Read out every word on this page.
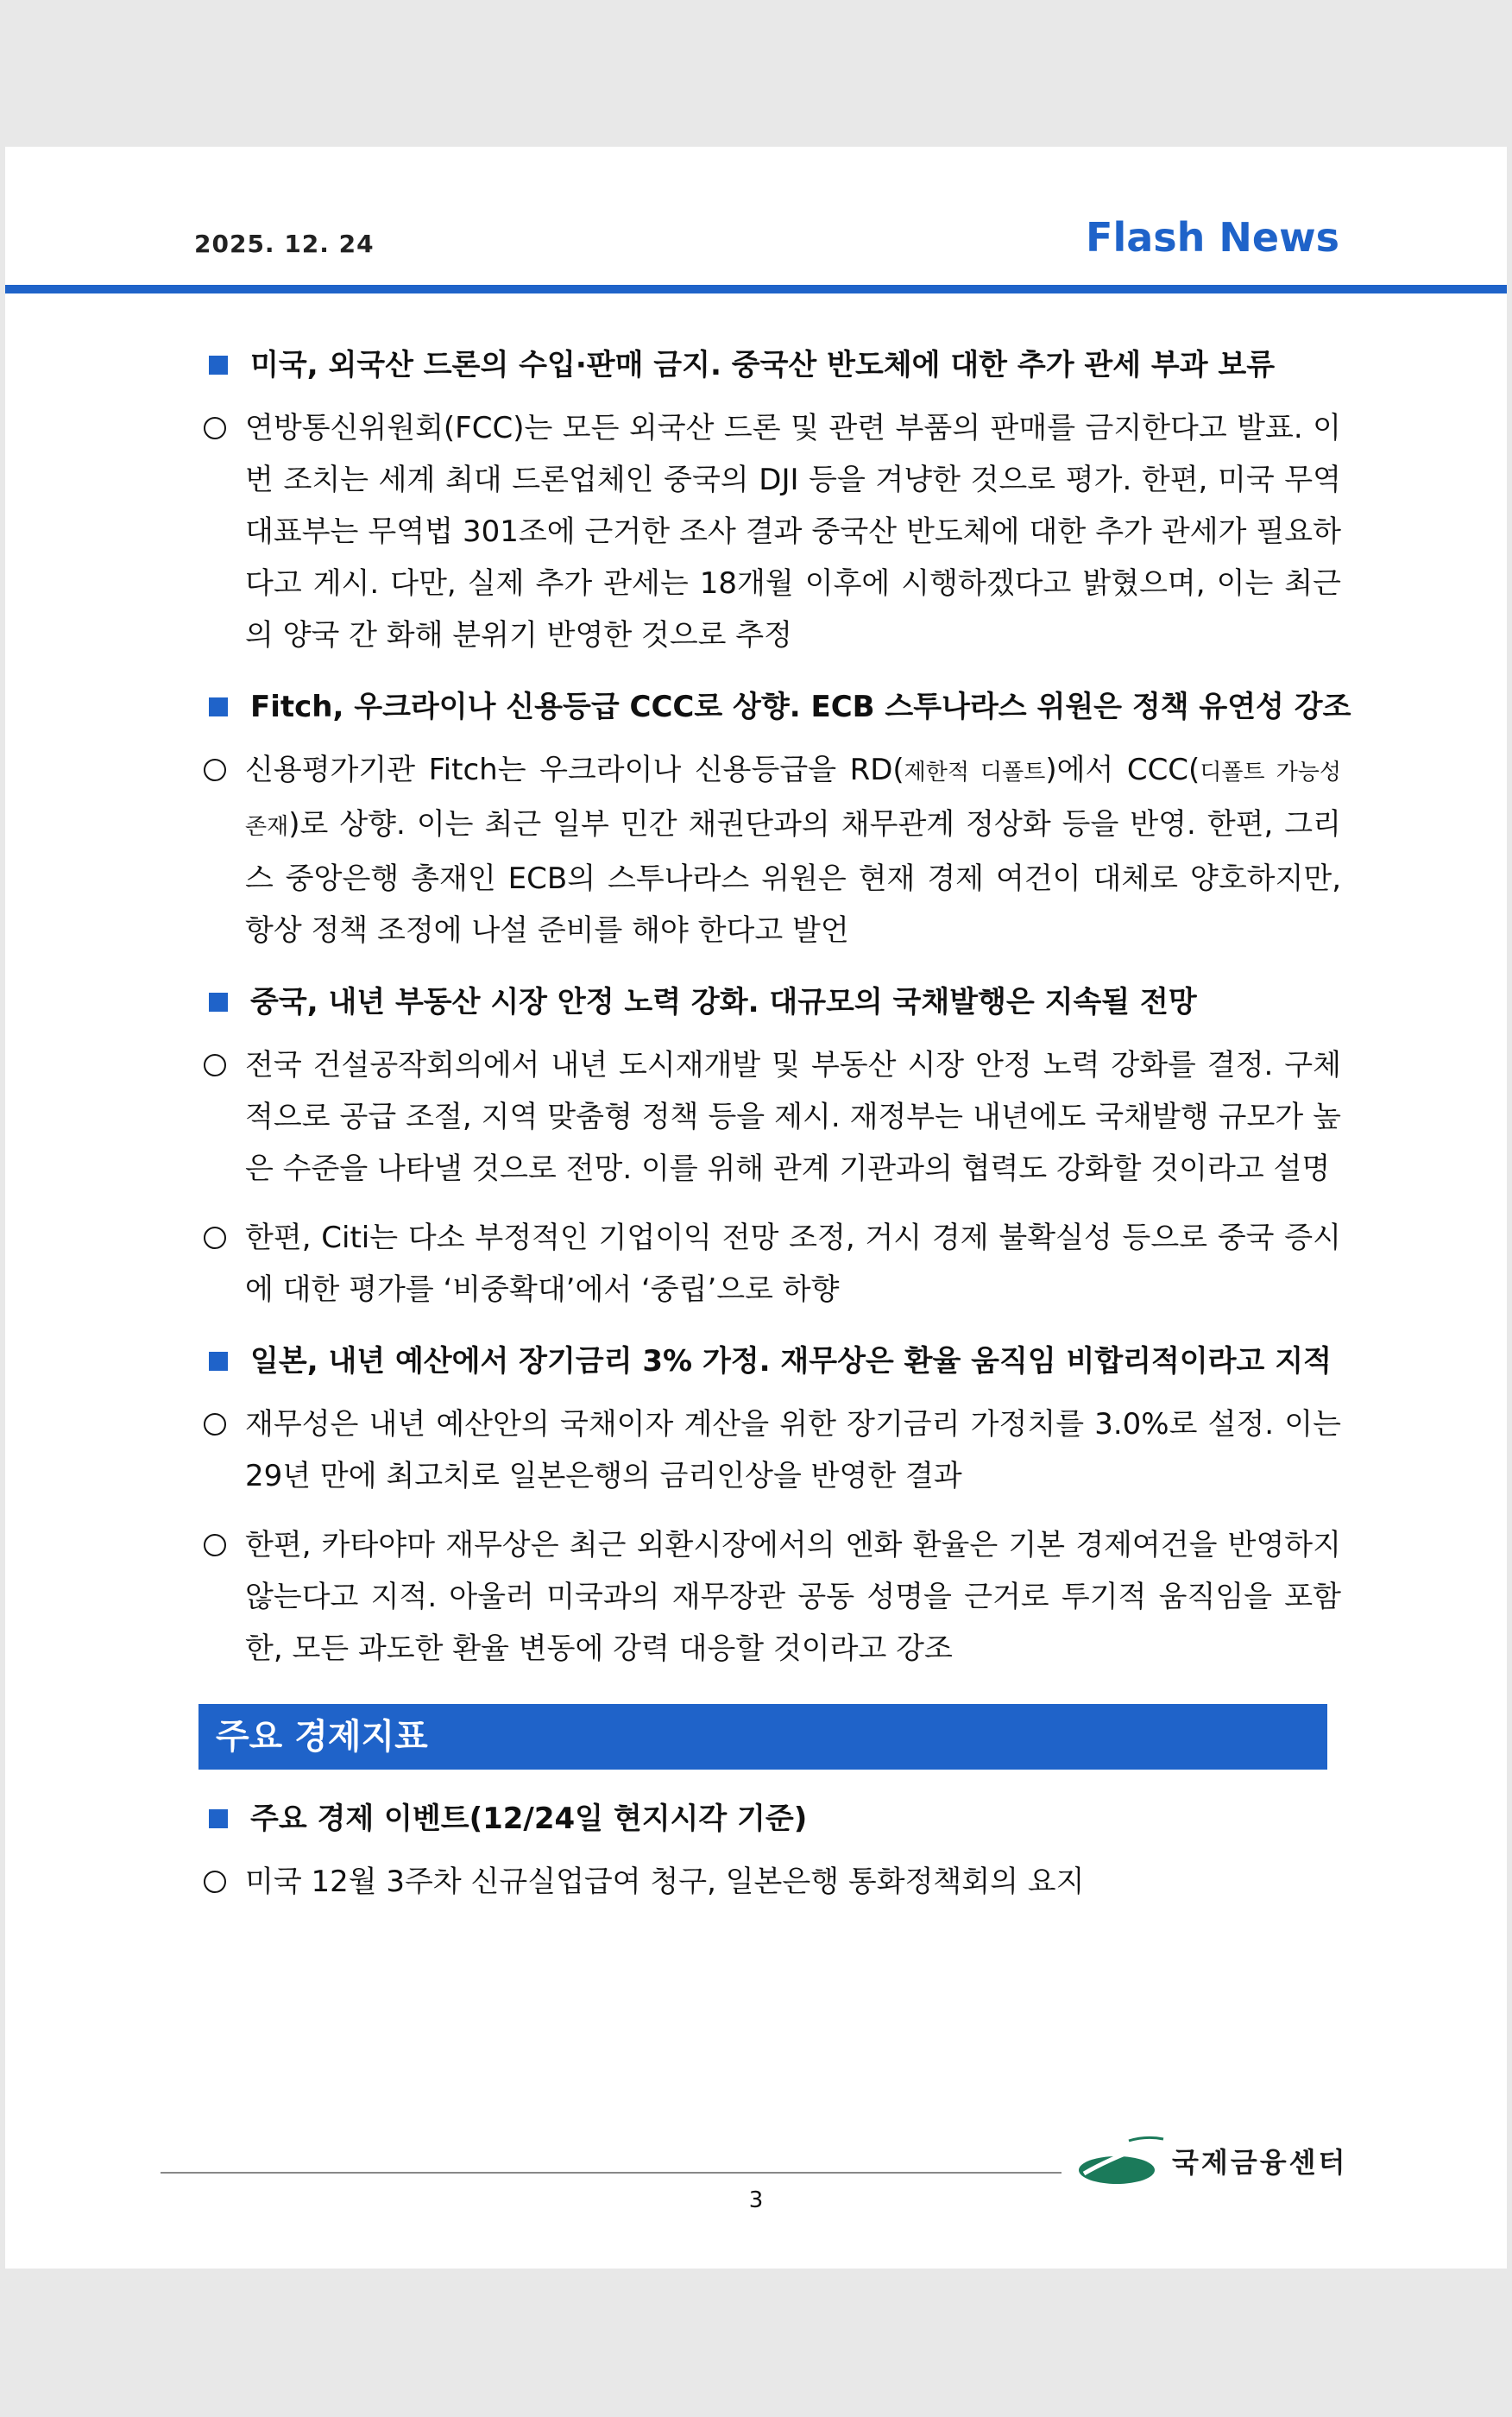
2025. 12. 24	Flash News
미국, 외국산 드론의 수입·판매 금지. 중국산 반도체에 대한 추가 관세 부과 보류
연방통신위원회(FCC)는 모든 외국산 드론 및 관련 부품의 판매를 금지한다고 발표. 이번 조치는 세계 최대 드론업체인 중국의 DJI 등을 겨냥한 것으로 평가. 한편, 미국 무역대표부는 무역법 301조에 근거한 조사 결과 중국산 반도체에 대한 추가 관세가 필요하다고 게시. 다만, 실제 추가 관세는 18개월 이후에 시행하겠다고 밝혔으며, 이는 최근의 양국 간 화해 분위기 반영한 것으로 추정
Fitch, 우크라이나 신용등급 CCC로 상향. ECB 스투나라스 위원은 정책 유연성 강조
신용평가기관 Fitch는 우크라이나 신용등급을 RD(제한적 디폴트)에서 CCC(디폴트 가능성 존재)로 상향. 이는 최근 일부 민간 채권단과의 채무관계 정상화 등을 반영. 한편, 그리스 중앙은행 총재인 ECB의 스투나라스 위원은 현재 경제 여건이 대체로 양호하지만, 항상 정책 조정에 나설 준비를 해야 한다고 발언
중국, 내년 부동산 시장 안정 노력 강화. 대규모의 국채발행은 지속될 전망
전국 건설공작회의에서 내년 도시재개발 및 부동산 시장 안정 노력 강화를 결정. 구체적으로 공급 조절, 지역 맞춤형 정책 등을 제시. 재정부는 내년에도 국채발행 규모가 높은 수준을 나타낼 것으로 전망. 이를 위해 관계 기관과의 협력도 강화할 것이라고 설명
한편, Citi는 다소 부정적인 기업이익 전망 조정, 거시 경제 불확실성 등으로 중국 증시에 대한 평가를 ‘비중확대’에서 ‘중립’으로 하향
일본, 내년 예산에서 장기금리 3% 가정. 재무상은 환율 움직임 비합리적이라고 지적
재무성은 내년 예산안의 국채이자 계산을 위한 장기금리 가정치를 3.0%로 설정. 이는 29년 만에 최고치로 일본은행의 금리인상을 반영한 결과
한편, 카타야마 재무상은 최근 외환시장에서의 엔화 환율은 기본 경제여건을 반영하지 않는다고 지적. 아울러 미국과의 재무장관 공동 성명을 근거로 투기적 움직임을 포함한, 모든 과도한 환율 변동에 강력 대응할 것이라고 강조
주요 경제지표
주요 경제 이벤트(12/24일 현지시각 기준)
미국 12월 3주차 신규실업급여 청구, 일본은행 통화정책회의 요지
국제금융센터
3
